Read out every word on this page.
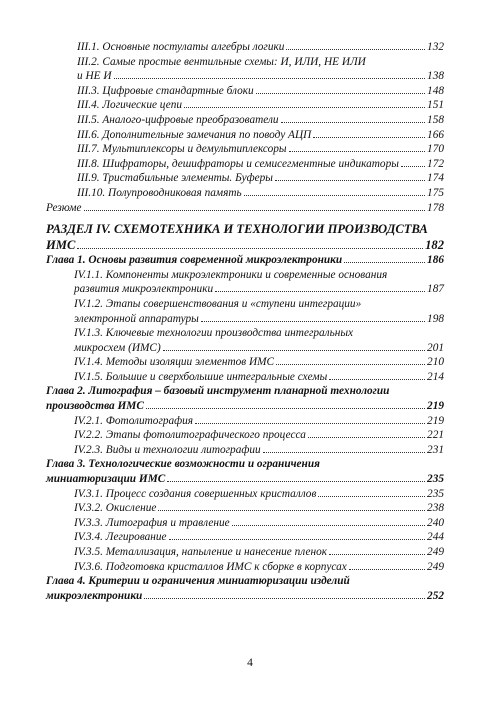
III.1. Основные постулаты алгебры логики	132
III.2. Самые простые вентильные схемы: И, ИЛИ, НЕ ИЛИ
и НЕ И	138
III.3. Цифровые стандартные блоки	148
III.4. Логические цепи	151
III.5. Аналого-цифровые преобразователи	158
III.6. Дополнительные замечания по поводу АЦП	166
III.7. Мультиплексоры и демультиплексоры	170
III.8. Шифраторы, дешифраторы и семисегментные индикаторы 172
III.9. Тристабильные элементы. Буферы	174
III.10. Полупроводниковая память	175
Резюме	178
РАЗДЕЛ IV. СХЕМОТЕХНИКА И ТЕХНОЛОГИИ ПРОИЗВОДСТВА
ИМС	182
Глава 1. Основы развития современной микроэлектроники	186
IV.1.1. Компоненты микроэлектроники и современные основания
развития микроэлектроники	187
IV.1.2. Этапы совершенствования и «ступени интеграции»
электронной аппаратуры	198
IV.1.3. Ключевые технологии производства интегральных
микросхем (ИМС)	201
IV.1.4. Методы изоляции элементов ИМС	210
IV.1.5. Большие и сверхбольшие интегральные схемы	214
Глава 2. Литография – базовый инструмент планарной технологии
производства ИМС	219
IV.2.1. Фотолитография	219
IV.2.2. Этапы фотолитографического процесса	221
IV.2.3. Виды и технологии литографии	231
Глава 3. Технологические возможности и ограничения
миниатюризации ИМС	235
IV.3.1. Процесс создания совершенных кристаллов	235
IV.3.2. Окисление	238
IV.3.3. Литография и травление	240
IV.3.4. Легирование	244
IV.3.5. Металлизация, напыление и нанесение пленок	249
IV.3.6. Подготовка кристаллов ИМС к сборке в корпусах	249
Глава 4. Критерии и ограничения миниатюризации изделий
микроэлектроники	252
4
